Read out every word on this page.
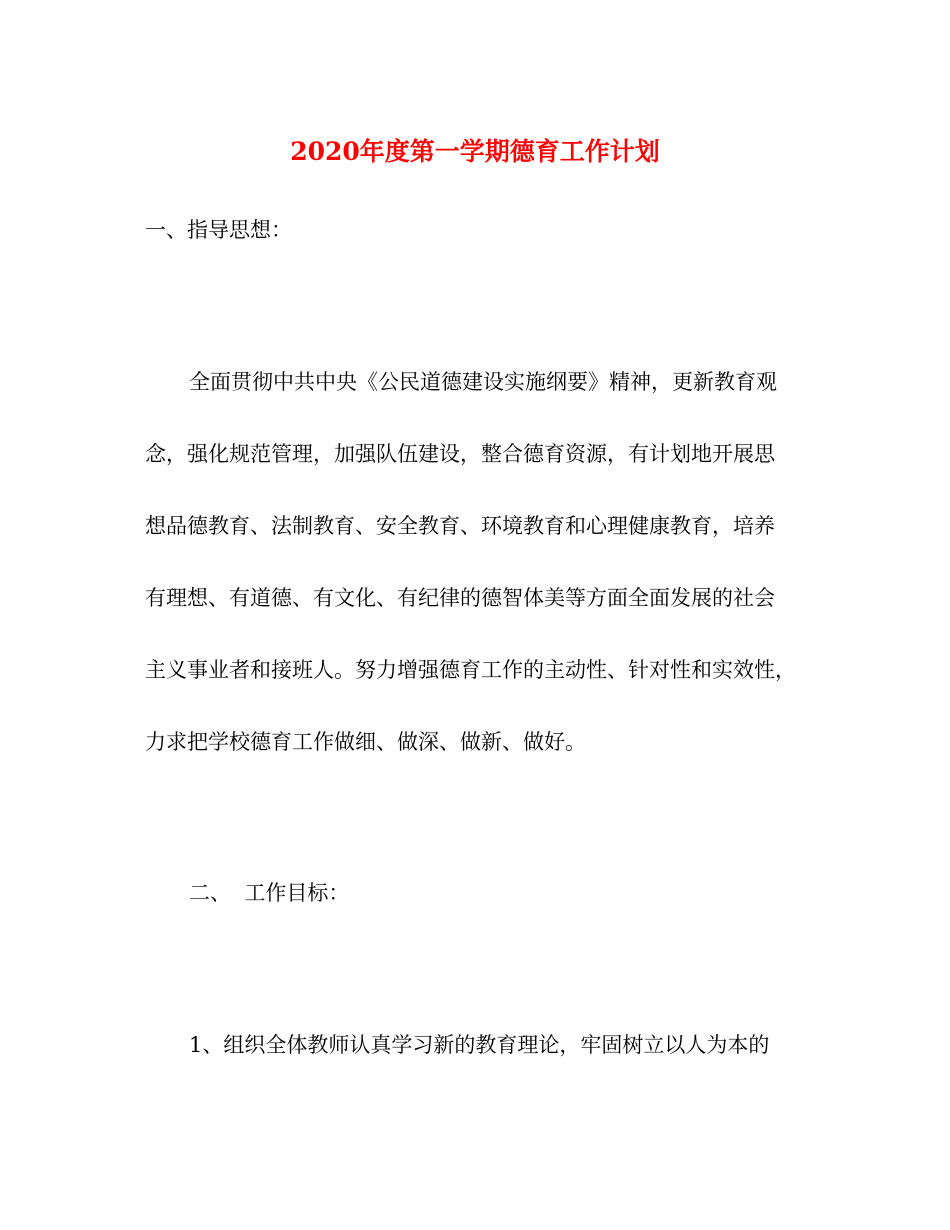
2020年度第一学期德育工作计划

一、指导思想：

全面贯彻中共中央《公民道德建设实施纲要》精神，更新教育观

念，强化规范管理，加强队伍建设，整合德育资源，有计划地开展思

想品德教育、法制教育、安全教育、环境教育和心理健康教育，培养

有理想、有道德、有文化、有纪律的德智体美等方面全面发展的社会

主义事业者和接班人。努力增强德育工作的主动性、针对性和实效性，

力求把学校德育工作做细、做深、做新、做好。

二、  工作目标：

1、组织全体教师认真学习新的教育理论，牢固树立以人为本的
